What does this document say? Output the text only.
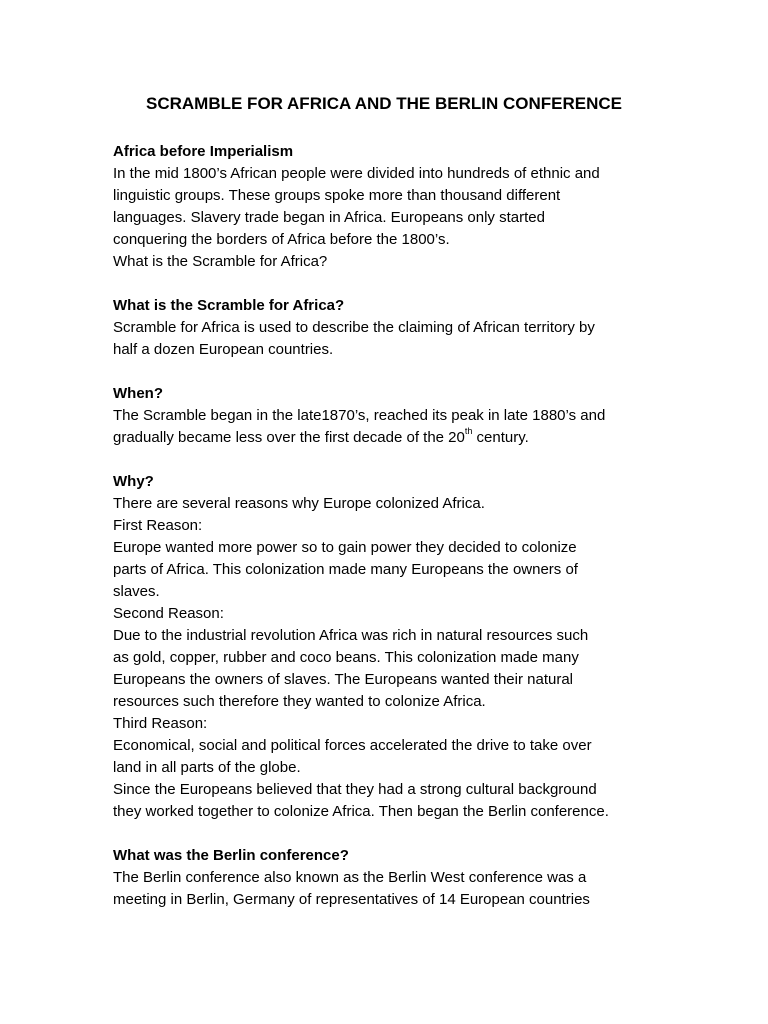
SCRAMBLE FOR AFRICA AND THE BERLIN CONFERENCE
Africa before Imperialism
In the mid 1800’s African people were divided into hundreds of ethnic and
linguistic groups. These groups spoke more than thousand different
languages. Slavery trade began in Africa. Europeans only started
conquering the borders of Africa before the 1800’s.
What is the Scramble for Africa?
What is the Scramble for Africa?
Scramble for Africa is used to describe the claiming of African territory by
half a dozen European countries.
When?
The Scramble began in the late1870’s, reached its peak in late 1880’s and
gradually became less over the first decade of the 20th century.
Why?
There are several reasons why Europe colonized Africa.
First Reason:
Europe wanted more power so to gain power they decided to colonize
parts of Africa. This colonization made many Europeans the owners of
slaves.
Second Reason:
Due to the industrial revolution Africa was rich in natural resources such
as gold, copper, rubber and coco beans. This colonization made many
Europeans the owners of slaves. The Europeans wanted their natural
resources such therefore they wanted to colonize Africa.
Third Reason:
Economical, social and political forces accelerated the drive to take over
land in all parts of the globe.
Since the Europeans believed that they had a strong cultural background
they worked together to colonize Africa. Then began the Berlin conference.
What was the Berlin conference?
The Berlin conference also known as the Berlin West conference was a
meeting in Berlin, Germany of representatives of 14 European countries
